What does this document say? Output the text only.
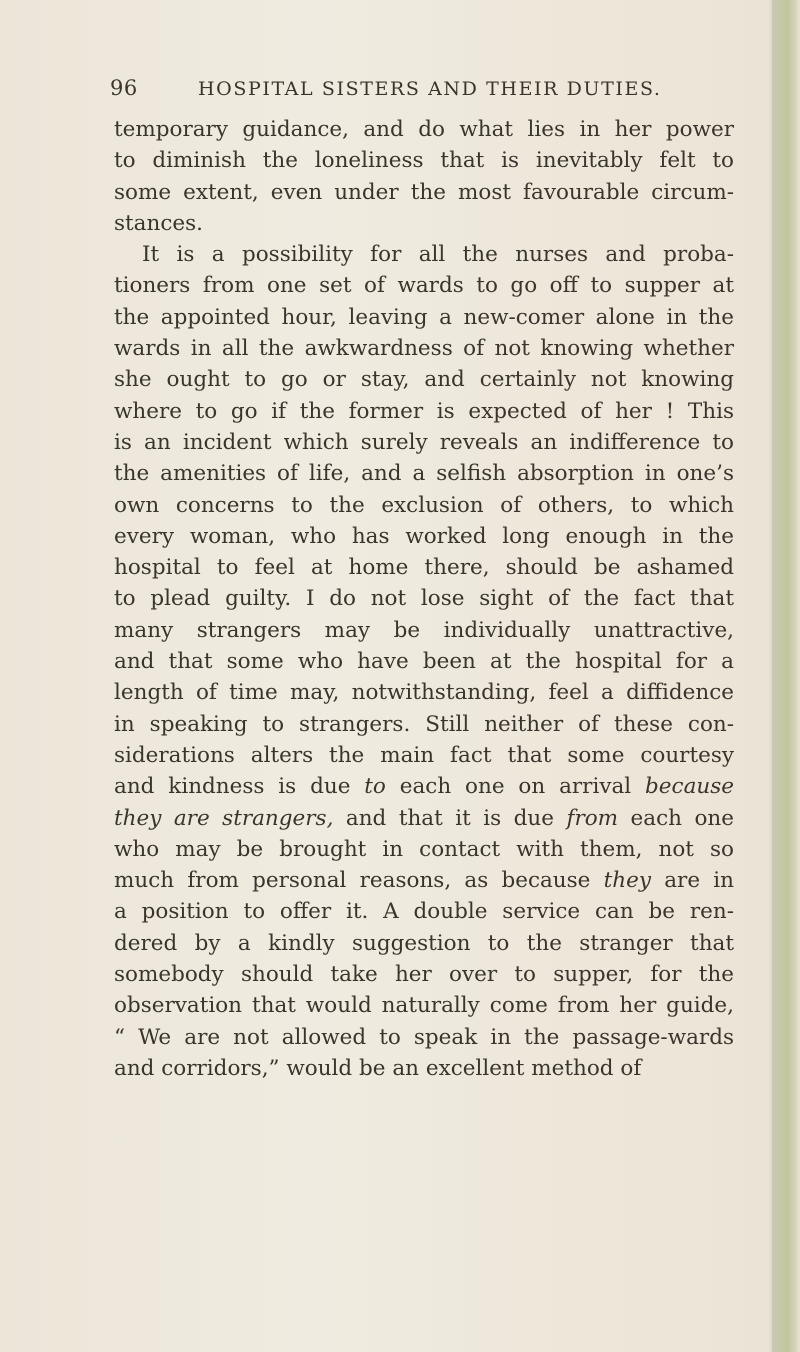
96	HOSPITAL SISTERS AND THEIR DUTIES.
temporary guidance, and do what lies in her power
to diminish the loneliness that is inevitably felt to
some extent, even under the most favourable circum-
stances.
It is a possibility for all the nurses and proba-
tioners from one set of wards to go off to supper at
the appointed hour, leaving a new-comer alone in the
wards in all the awkwardness of not knowing whether
she ought to go or stay, and certainly not knowing
where to go if the former is expected of her ! This
is an incident which surely reveals an indifference to
the amenities of life, and a selfish absorption in one’s
own concerns to the exclusion of others, to which
every woman, who has worked long enough in the
hospital to feel at home there, should be ashamed
to plead guilty. I do not lose sight of the fact that
many strangers may be individually unattractive,
and that some who have been at the hospital for a
length of time may, notwithstanding, feel a diffidence
in speaking to strangers. Still neither of these con-
siderations alters the main fact that some courtesy
and kindness is due to each one on arrival because
they are strangers, and that it is due from each one
who may be brought in contact with them, not so
much from personal reasons, as because they are in
a position to offer it. A double service can be ren-
dered by a kindly suggestion to the stranger that
somebody should take her over to supper, for the
observation that would naturally come from her guide,
“ We are not allowed to speak in the passage-wards
and corridors,” would be an excellent method of
